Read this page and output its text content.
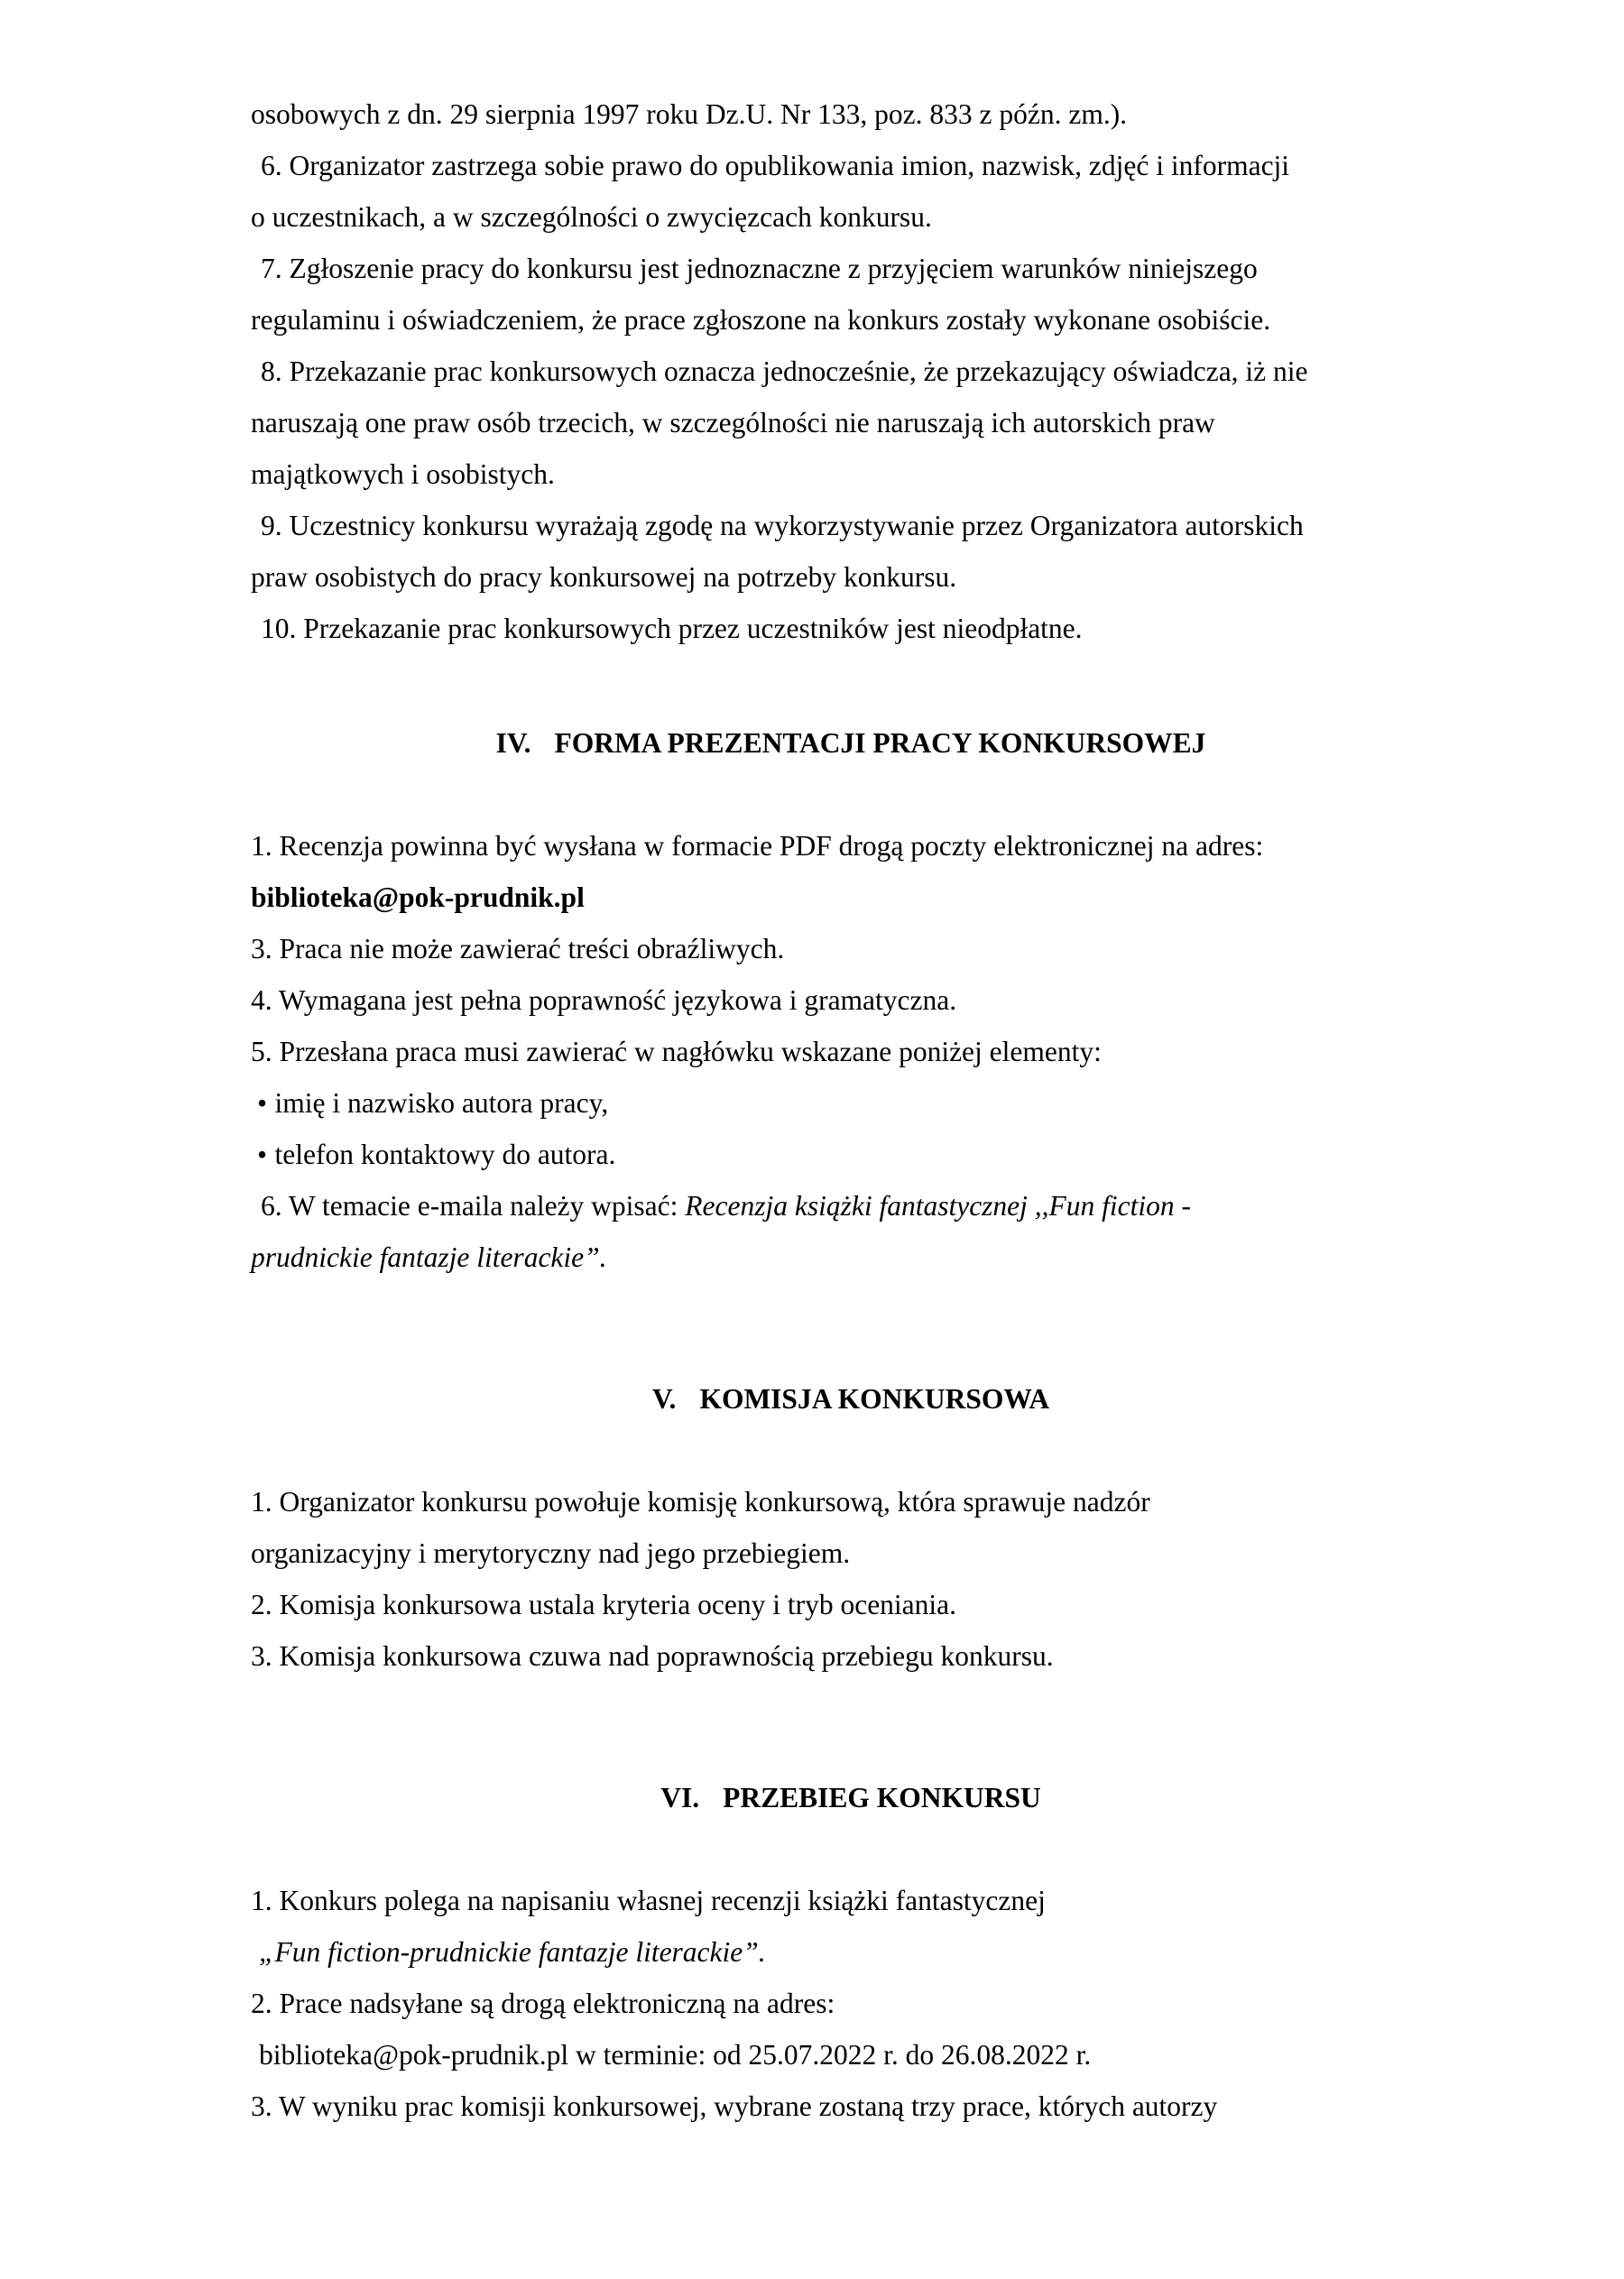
osobowych z dn. 29 sierpnia 1997 roku Dz.U. Nr 133, poz. 833 z późn. zm.).
6. Organizator zastrzega sobie prawo do opublikowania imion, nazwisk, zdjęć i informacji
o uczestnikach, a w szczególności o zwycięzcach konkursu.
7. Zgłoszenie pracy do konkursu jest jednoznaczne z przyjęciem warunków niniejszego
regulaminu i oświadczeniem, że prace zgłoszone na konkurs zostały wykonane osobiście.
8. Przekazanie prac konkursowych oznacza jednocześnie, że przekazujący oświadcza, iż nie
naruszają one praw osób trzecich, w szczególności nie naruszają ich autorskich praw
majątkowych i osobistych.
9. Uczestnicy konkursu wyrażają zgodę na wykorzystywanie przez Organizatora autorskich
praw osobistych do pracy konkursowej na potrzeby konkursu.
10. Przekazanie prac konkursowych przez uczestników jest nieodpłatne.
IV. FORMA PREZENTACJI PRACY KONKURSOWEJ
1. Recenzja powinna być wysłana w formacie PDF drogą poczty elektronicznej na adres:
biblioteka@pok-prudnik.pl
3. Praca nie może zawierać treści obraźliwych.
4. Wymagana jest pełna poprawność językowa i gramatyczna.
5. Przesłana praca musi zawierać w nagłówku wskazane poniżej elementy:
• imię i nazwisko autora pracy,
• telefon kontaktowy do autora.
6. W temacie e-maila należy wpisać: Recenzja książki fantastycznej ,,Fun fiction -
prudnickie fantazje literackie”.
V. KOMISJA KONKURSOWA
1. Organizator konkursu powołuje komisję konkursową, która sprawuje nadzór
organizacyjny i merytoryczny nad jego przebiegiem.
2. Komisja konkursowa ustala kryteria oceny i tryb oceniania.
3. Komisja konkursowa czuwa nad poprawnością przebiegu konkursu.
VI. PRZEBIEG KONKURSU
1. Konkurs polega na napisaniu własnej recenzji książki fantastycznej
„Fun fiction-prudnickie fantazje literackie”.
2. Prace nadsyłane są drogą elektroniczną na adres:
biblioteka@pok-prudnik.pl w terminie: od 25.07.2022 r. do 26.08.2022 r.
3. W wyniku prac komisji konkursowej, wybrane zostaną trzy prace, których autorzy
